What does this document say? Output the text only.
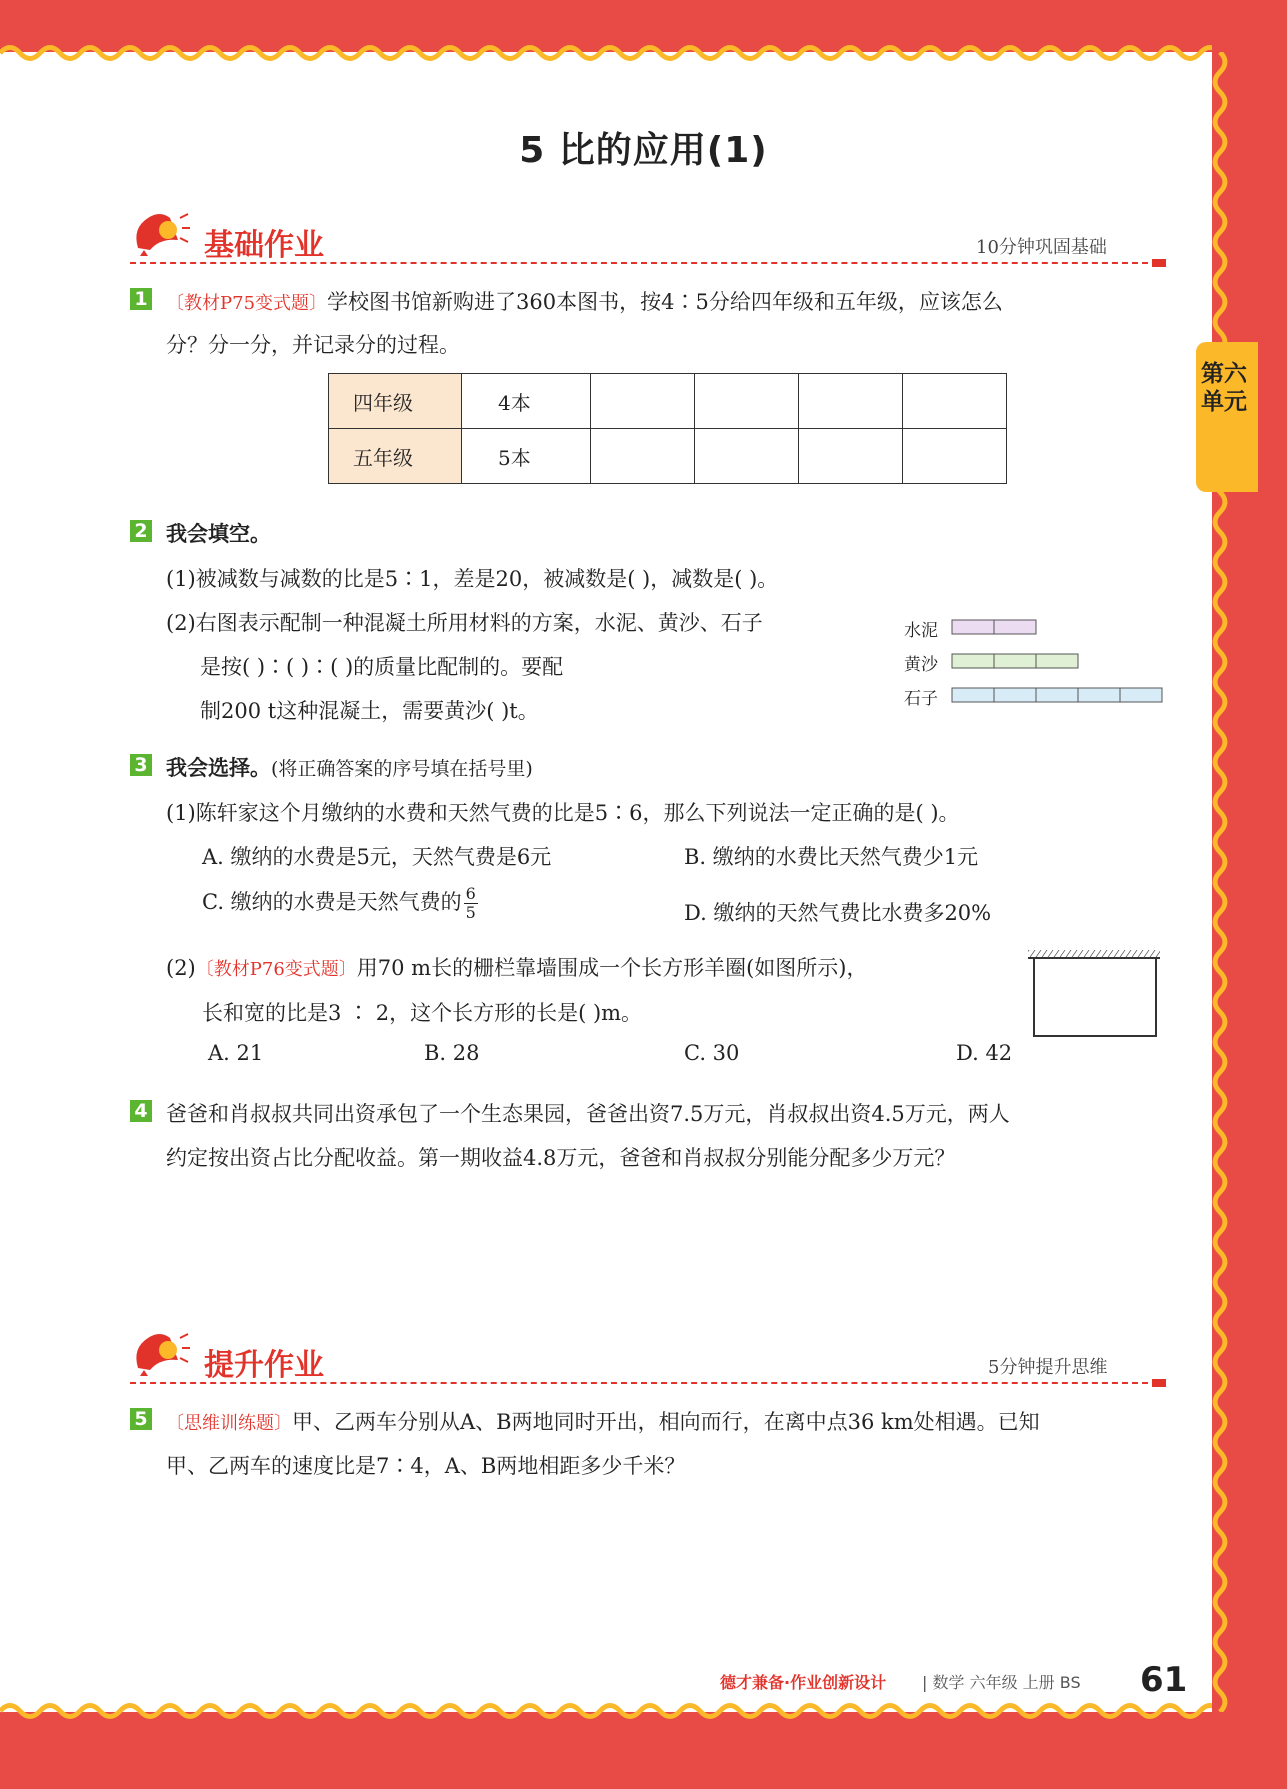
第六单元
5 比的应用(1)
基础作业	10分钟巩固基础
1 〔教材P75变式题〕学校图书馆新购进了360本图书，按4∶5分给四年级和五年级，应该怎么
分？分一分，并记录分的过程。
四年级	4本				
五年级	5本				
2 我会填空。
(1)被减数与减数的比是5∶1，差是20，被减数是( )，减数是( )。
(2)右图表示配制一种混凝土所用材料的方案，水泥、黄沙、石子
是按( )∶( )∶( )的质量比配制的。要配
制200 t这种混凝土，需要黄沙( )t。
水泥
黄沙
石子
3 我会选择。(将正确答案的序号填在括号里)
(1)陈轩家这个月缴纳的水费和天然气费的比是5∶6，那么下列说法一定正确的是( )。
A. 缴纳的水费是5元，天然气费是6元	B. 缴纳的水费比天然气费少1元
C. 缴纳的水费是天然气费的 $\frac{6}{5}$	D. 缴纳的天然气费比水费多20%
(2)〔教材P76变式题〕用70 m长的栅栏靠墙围成一个长方形羊圈(如图所示)，
长和宽的比是3 ∶ 2，这个长方形的长是( )m。
A. 21	B. 28	C. 30	D. 42
4 爸爸和肖叔叔共同出资承包了一个生态果园，爸爸出资7.5万元，肖叔叔出资4.5万元，两人
约定按出资占比分配收益。第一期收益4.8万元，爸爸和肖叔叔分别能分配多少万元？
提升作业	5分钟提升思维
5 〔思维训练题〕甲、乙两车分别从A、B两地同时开出，相向而行，在离中点36 km处相遇。已知
甲、乙两车的速度比是7∶4，A、B两地相距多少千米？
德才兼备·作业创新设计 | 数学 六年级 上册 BS 61
